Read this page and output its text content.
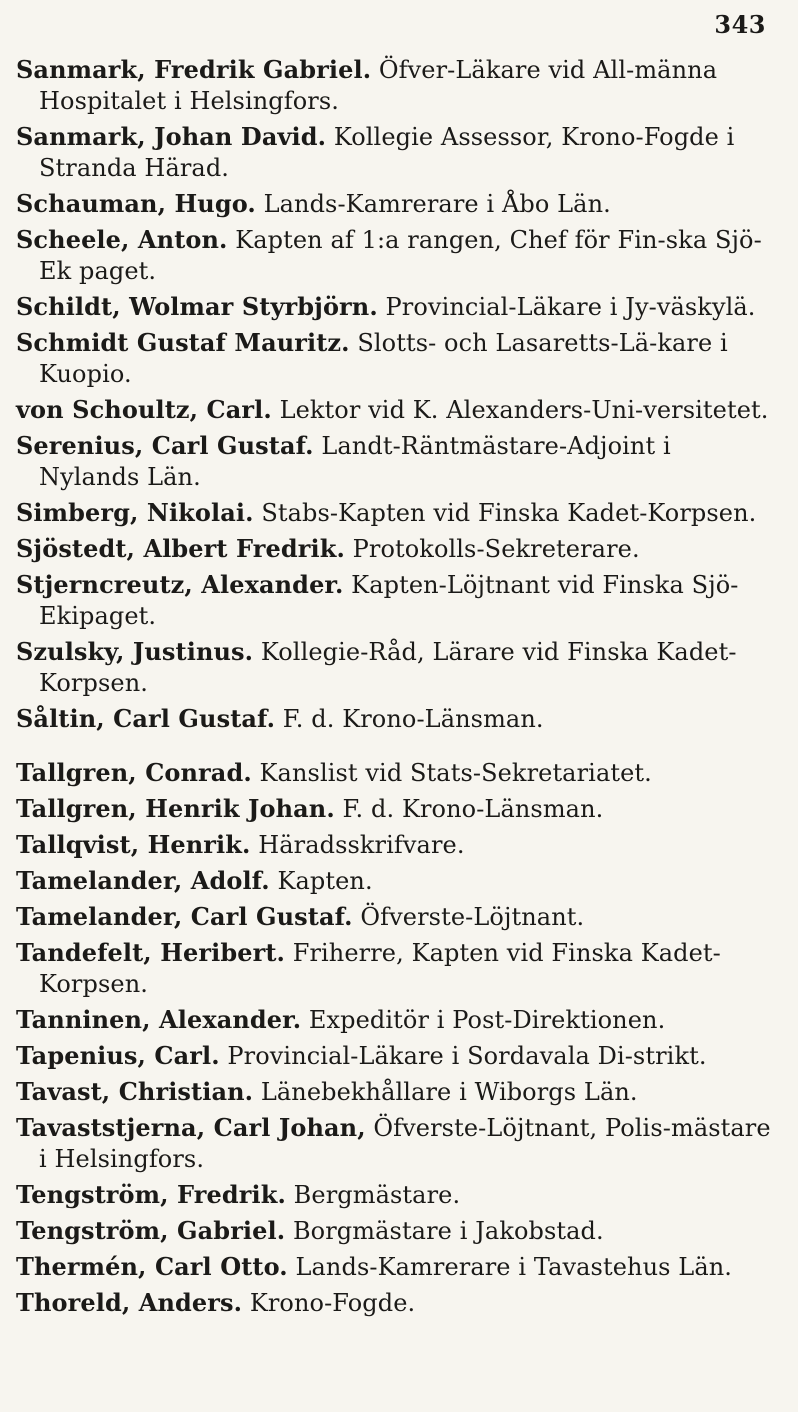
343

Sanmark, Fredrik Gabriel. Öfver-Läkare vid All-männa Hospitalet i Helsingfors.

Sanmark, Johan David. Kollegie Assessor, Krono-Fogde i Stranda Härad.

Schauman, Hugo. Lands-Kamrerare i Åbo Län.

Scheele, Anton. Kapten af 1:a rangen, Chef för Fin-ska Sjö-Ek paget.

Schildt, Wolmar Styrbjörn. Provincial-Läkare i Jy-väskylä.

Schmidt Gustaf Mauritz. Slotts- och Lasaretts-Lä-kare i Kuopio.

von Schoultz, Carl. Lektor vid K. Alexanders-Uni-versitetet.

Serenius, Carl Gustaf. Landt-Räntmästare-Adjoint i Nylands Län.

Simberg, Nikolai. Stabs-Kapten vid Finska Kadet-Korpsen.

Sjöstedt, Albert Fredrik. Protokolls-Sekreterare.

Stjerncreutz, Alexander. Kapten-Löjtnant vid Finska Sjö-Ekipaget.

Szulsky, Justinus. Kollegie-Råd, Lärare vid Finska Kadet-Korpsen.

Såltin, Carl Gustaf. F. d. Krono-Länsman.

Tallgren, Conrad. Kanslist vid Stats-Sekretariatet.

Tallgren, Henrik Johan. F. d. Krono-Länsman.

Tallqvist, Henrik. Häradsskrifvare.

Tamelander, Adolf. Kapten.

Tamelander, Carl Gustaf. Öfverste-Löjtnant.

Tandefelt, Heribert. Friherre, Kapten vid Finska Kadet-Korpsen.

Tanninen, Alexander. Expeditör i Post-Direktionen.

Tapenius, Carl. Provincial-Läkare i Sordavala Di-strikt.

Tavast, Christian. Länebekhållare i Wiborgs Län.

Tavaststjerna, Carl Johan, Öfverste-Löjtnant, Polis-mästare i Helsingfors.

Tengström, Fredrik. Bergmästare.

Tengström, Gabriel. Borgmästare i Jakobstad.

Thermén, Carl Otto. Lands-Kamrerare i Tavastehus Län.

Thoreld, Anders. Krono-Fogde.
